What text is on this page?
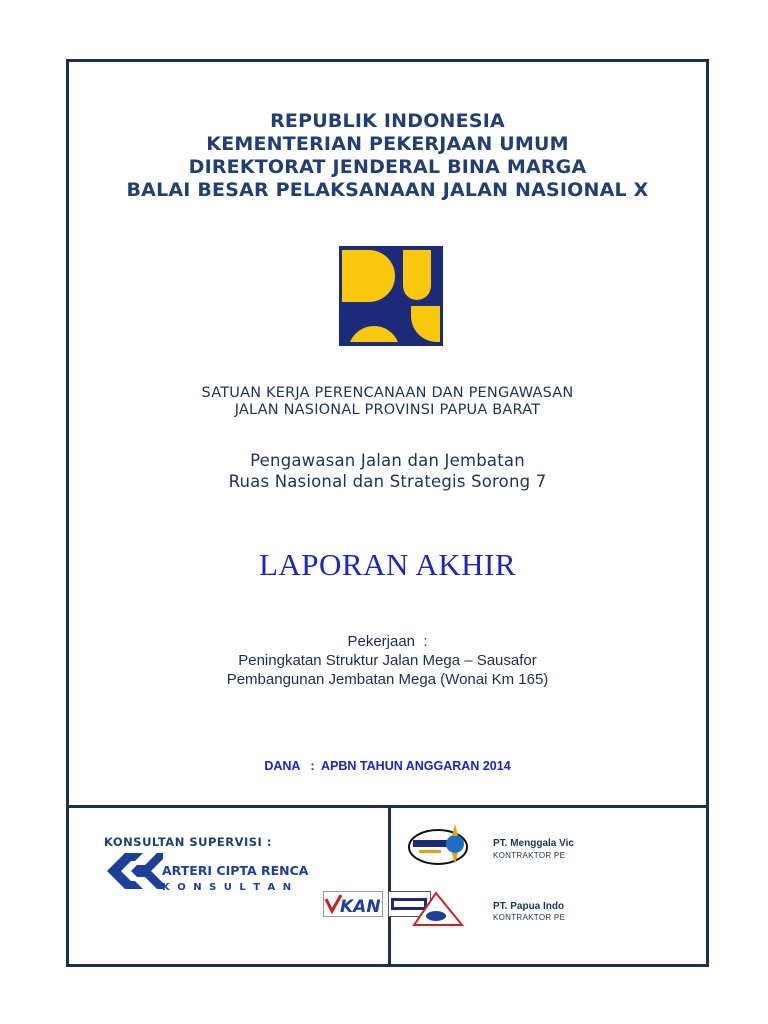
REPUBLIK INDONESIA
KEMENTERIAN PEKERJAAN UMUM
DIREKTORAT JENDERAL BINA MARGA
BALAI BESAR PELAKSANAAN JALAN NASIONAL X
SATUAN KERJA PERENCANAAN DAN PENGAWASAN
JALAN NASIONAL PROVINSI PAPUA BARAT
Pengawasan Jalan dan Jembatan
Ruas Nasional dan Strategis Sorong 7
LAPORAN AKHIR
Pekerjaan  :
Peningkatan Struktur Jalan Mega – Sausafor
Pembangunan Jembatan Mega (Wonai Km 165)
DANA   :  APBN TAHUN ANGGARAN 2014
KONSULTAN SUPERVISI :
ARTERI CIPTA RENCA
K O N S U L T A N
KAN
PT. Menggala Vic
KONTRAKTOR PE
PT. Papua Indo
KONTRAKTOR PE
